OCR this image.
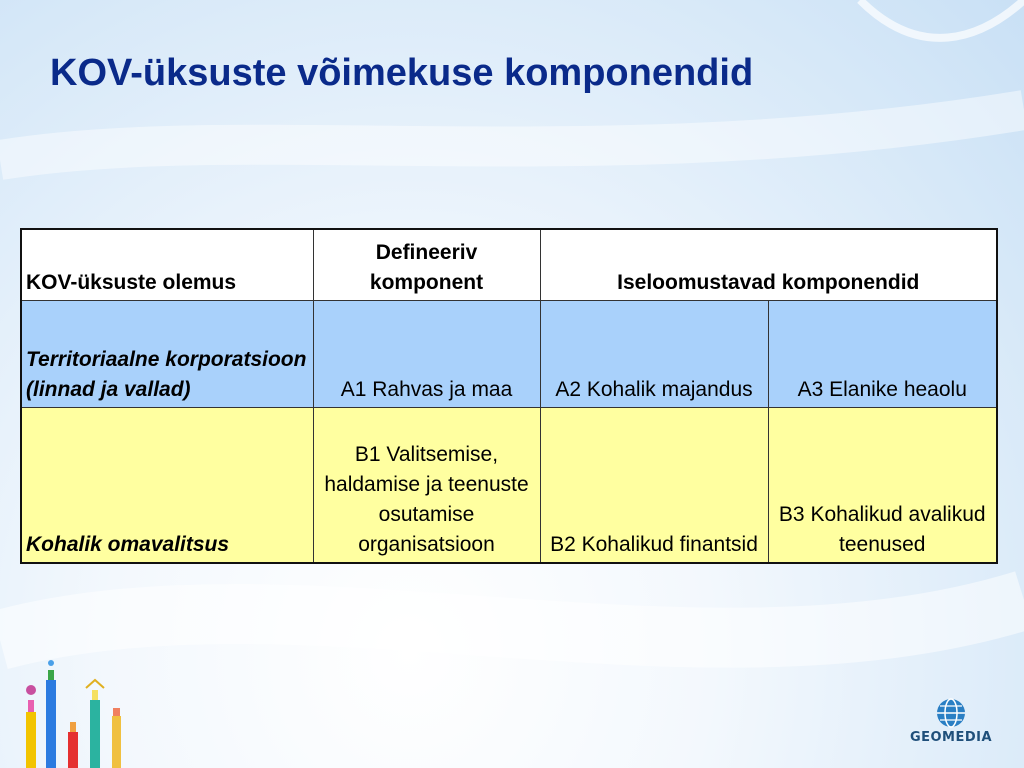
KOV-üksuste võimekuse komponendid
KOV-üksuste olemus	Defineeriv komponent	Iseloomustavad komponendid	
Territoriaalne korporatsioon (linnad ja vallad)	A1 Rahvas ja maa	A2 Kohalik majandus	A3 Elanike heaolu
Kohalik omavalitsus	B1 Valitsemise, haldamise ja teenuste osutamise organisatsioon	B2 Kohalikud finantsid	B3 Kohalikud avalikud teenused
GEOMEDIA
